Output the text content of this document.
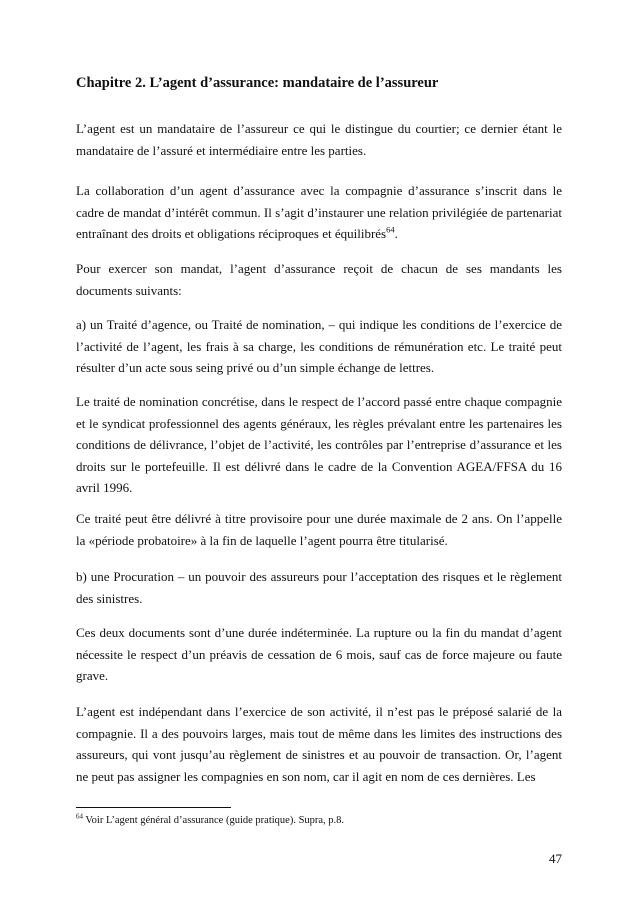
Chapitre 2. L’agent d’assurance: mandataire de l’assureur

L’agent est un mandataire de l’assureur ce qui le distingue du courtier; ce dernier étant le mandataire de l’assuré et intermédiaire entre les parties.

La collaboration d’un agent d’assurance avec la compagnie d’assurance s’inscrit dans le cadre de mandat d’intérêt commun. Il s’agit d’instaurer une relation privilégiée de partenariat entraînant des droits et obligations réciproques et équilibrés$^{64}$.

Pour exercer son mandat, l’agent d’assurance reçoit de chacun de ses mandants les documents suivants:

a) un Traité d’agence, ou Traité de nomination, – qui indique les conditions de l’exercice de l’activité de l’agent, les frais à sa charge, les conditions de rémunération etc. Le traité peut résulter d’un acte sous seing privé ou d’un simple échange de lettres.

Le traité de nomination concrétise, dans le respect de l’accord passé entre chaque compagnie et le syndicat professionnel des agents généraux, les règles prévalant entre les partenaires les conditions de délivrance, l’objet de l’activité, les contrôles par l’entreprise d’assurance et les droits sur le portefeuille. Il est délivré dans le cadre de la Convention AGEA/FFSA du 16 avril 1996.

Ce traité peut être délivré à titre provisoire pour une durée maximale de 2 ans. On l’appelle la «période probatoire» à la fin de laquelle l’agent pourra être titularisé.

b) une Procuration – un pouvoir des assureurs pour l’acceptation des risques et le règlement des sinistres.

Ces deux documents sont d’une durée indéterminée. La rupture ou la fin du mandat d’agent nécessite le respect d’un préavis de cessation de 6 mois, sauf cas de force majeure ou faute grave.

L’agent est indépendant dans l’exercice de son activité, il n’est pas le préposé salarié de la compagnie. Il a des pouvoirs larges, mais tout de même dans les limites des instructions des assureurs, qui vont jusqu’au règlement de sinistres et au pouvoir de transaction. Or, l’agent ne peut pas assigner les compagnies en son nom, car il agit en nom de ces dernières. Les

$^{64}$ Voir L’agent général d’assurance (guide pratique). Supra, p.8.

47
